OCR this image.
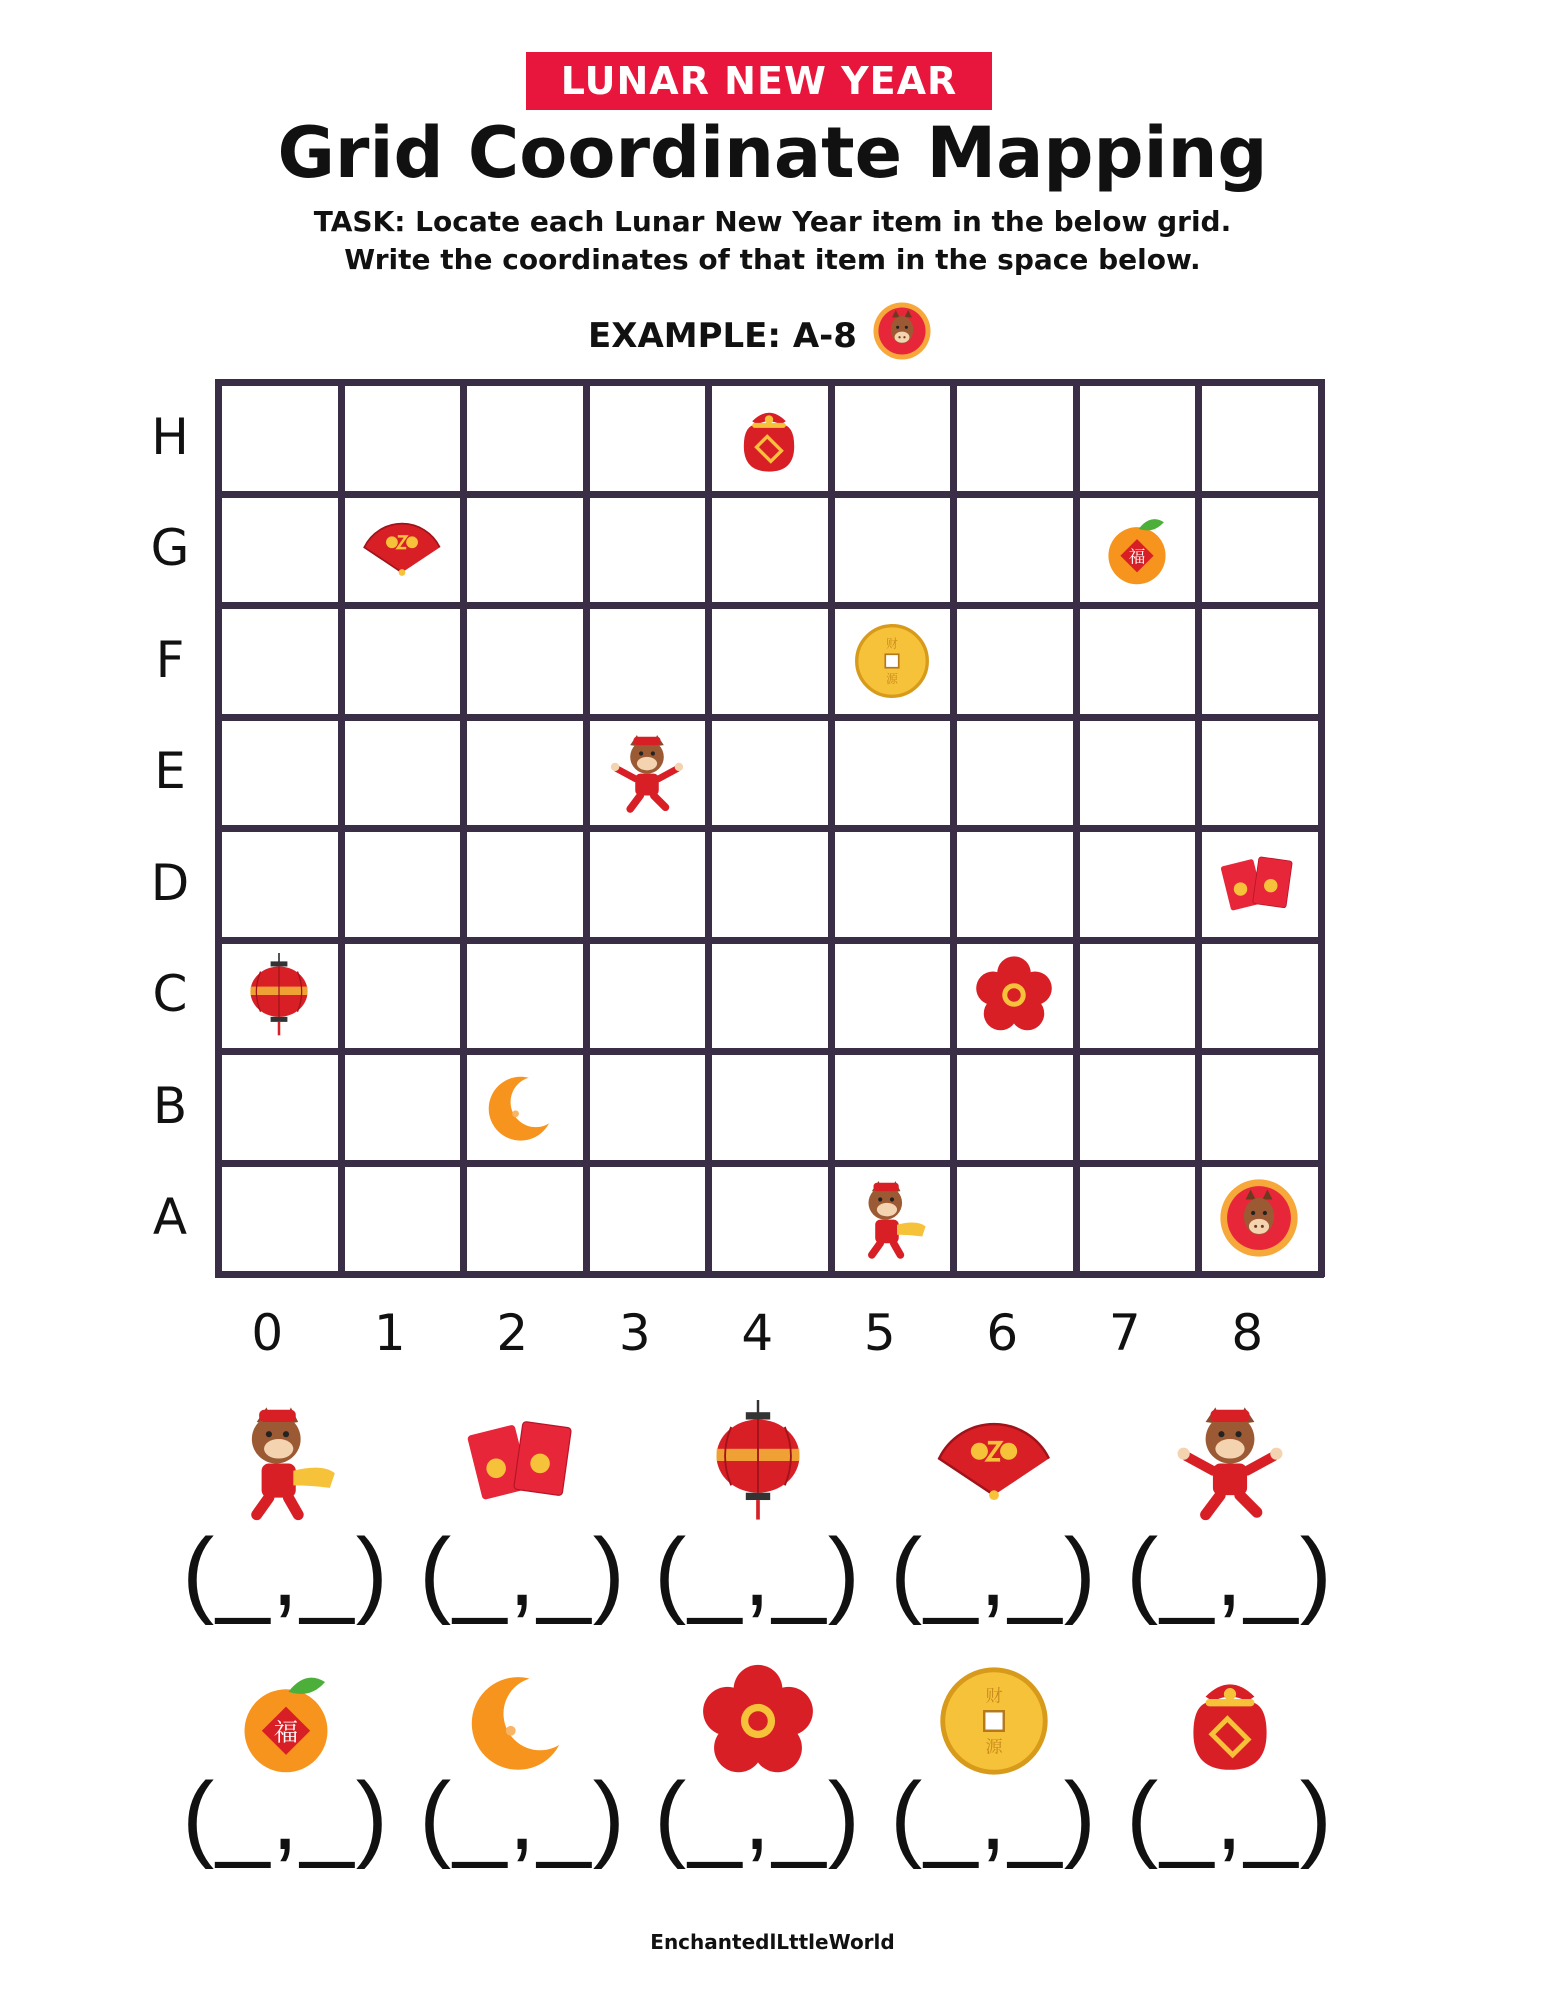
LUNAR NEW YEAR
Grid Coordinate Mapping
TASK: Locate each Lunar New Year item in the below grid.
Write the coordinates of that item in the space below.
EXAMPLE: A-8
H
G
F
E
D
C
B
A
0	1	2	3	4	5	6	7	8
福
财
源
(_,_) (_,_) (_,_) (_,_) (_,_)
福
(_,_) (_,_) (_,_)
财
源
(_,_) (_,_)
EnchantedlLttleWorld
